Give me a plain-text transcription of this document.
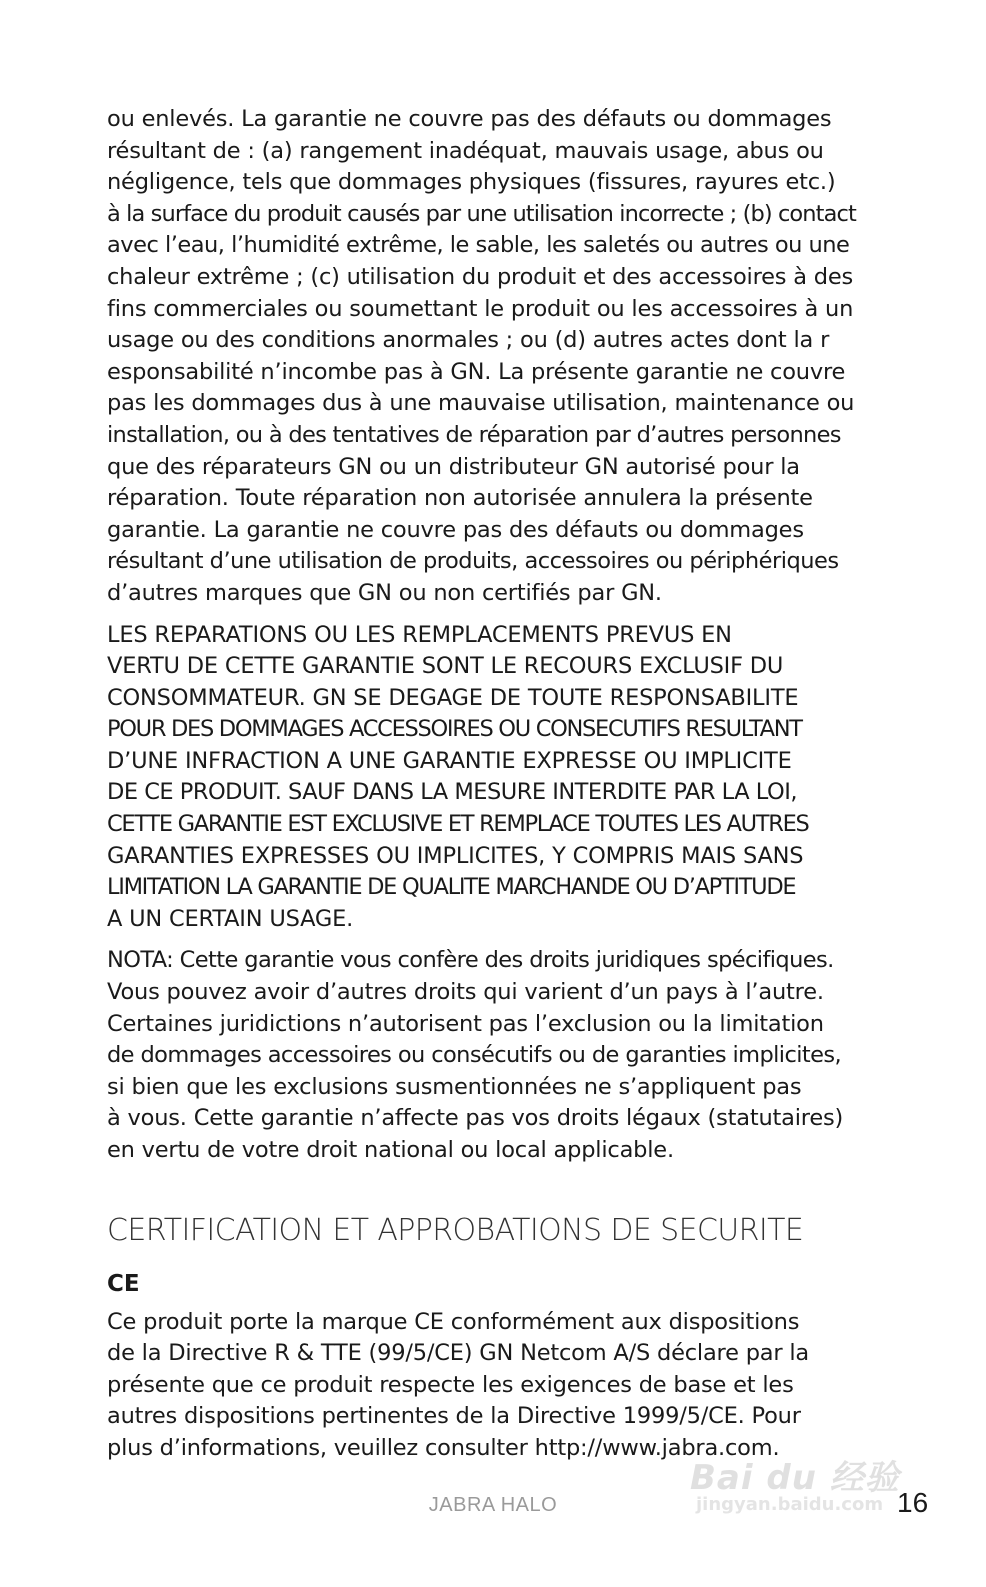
ou enlevés. La garantie ne couvre pas des défauts ou dommages
résultant de : (a) rangement inadéquat, mauvais usage, abus ou
négligence, tels que dommages physiques (fissures, rayures etc.)
à la surface du produit causés par une utilisation incorrecte ; (b) contact
avec l’eau, l’humidité extrême, le sable, les saletés ou autres ou une
chaleur extrême ; (c) utilisation du produit et des accessoires à des
fins commerciales ou soumettant le produit ou les accessoires à un
usage ou des conditions anormales ; ou (d) autres actes dont la r
esponsabilité n’incombe pas à GN. La présente garantie ne couvre
pas les dommages dus à une mauvaise utilisation, maintenance ou
installation, ou à des tentatives de réparation par d’autres personnes
que des réparateurs GN ou un distributeur GN autorisé pour la
réparation. Toute réparation non autorisée annulera la présente
garantie. La garantie ne couvre pas des défauts ou dommages
résultant d’une utilisation de produits, accessoires ou périphériques
d’autres marques que GN ou non certifiés par GN.

LES REPARATIONS OU LES REMPLACEMENTS PREVUS EN
VERTU DE CETTE GARANTIE SONT LE RECOURS EXCLUSIF DU
CONSOMMATEUR. GN SE DEGAGE DE TOUTE RESPONSABILITE
POUR DES DOMMAGES ACCESSOIRES OU CONSECUTIFS RESULTANT
D’UNE INFRACTION A UNE GARANTIE EXPRESSE OU IMPLICITE
DE CE PRODUIT. SAUF DANS LA MESURE INTERDITE PAR LA LOI,
CETTE GARANTIE EST EXCLUSIVE ET REMPLACE TOUTES LES AUTRES
GARANTIES EXPRESSES OU IMPLICITES, Y COMPRIS MAIS SANS
LIMITATION LA GARANTIE DE QUALITE MARCHANDE OU D’APTITUDE
A UN CERTAIN USAGE.

NOTA: Cette garantie vous confère des droits juridiques spécifiques.
Vous pouvez avoir d’autres droits qui varient d’un pays à l’autre.
Certaines juridictions n’autorisent pas l’exclusion ou la limitation
de dommages accessoires ou consécutifs ou de garanties implicites,
si bien que les exclusions susmentionnées ne s’appliquent pas
à vous. Cette garantie n’affecte pas vos droits légaux (statutaires)
en vertu de votre droit national ou local applicable.

CERTIFICATION ET APPROBATIONS DE SECURITE
CE

Ce produit porte la marque CE conformément aux dispositions
de la Directive R & TTE (99/5/CE) GN Netcom A/S déclare par la
présente que ce produit respecte les exigences de base et les
autres dispositions pertinentes de la Directive 1999/5/CE. Pour
plus d’informations, veuillez consulter http://www.jabra.com.

Bai du 经验
jingyan.baidu.com
JABRA HALO	16
